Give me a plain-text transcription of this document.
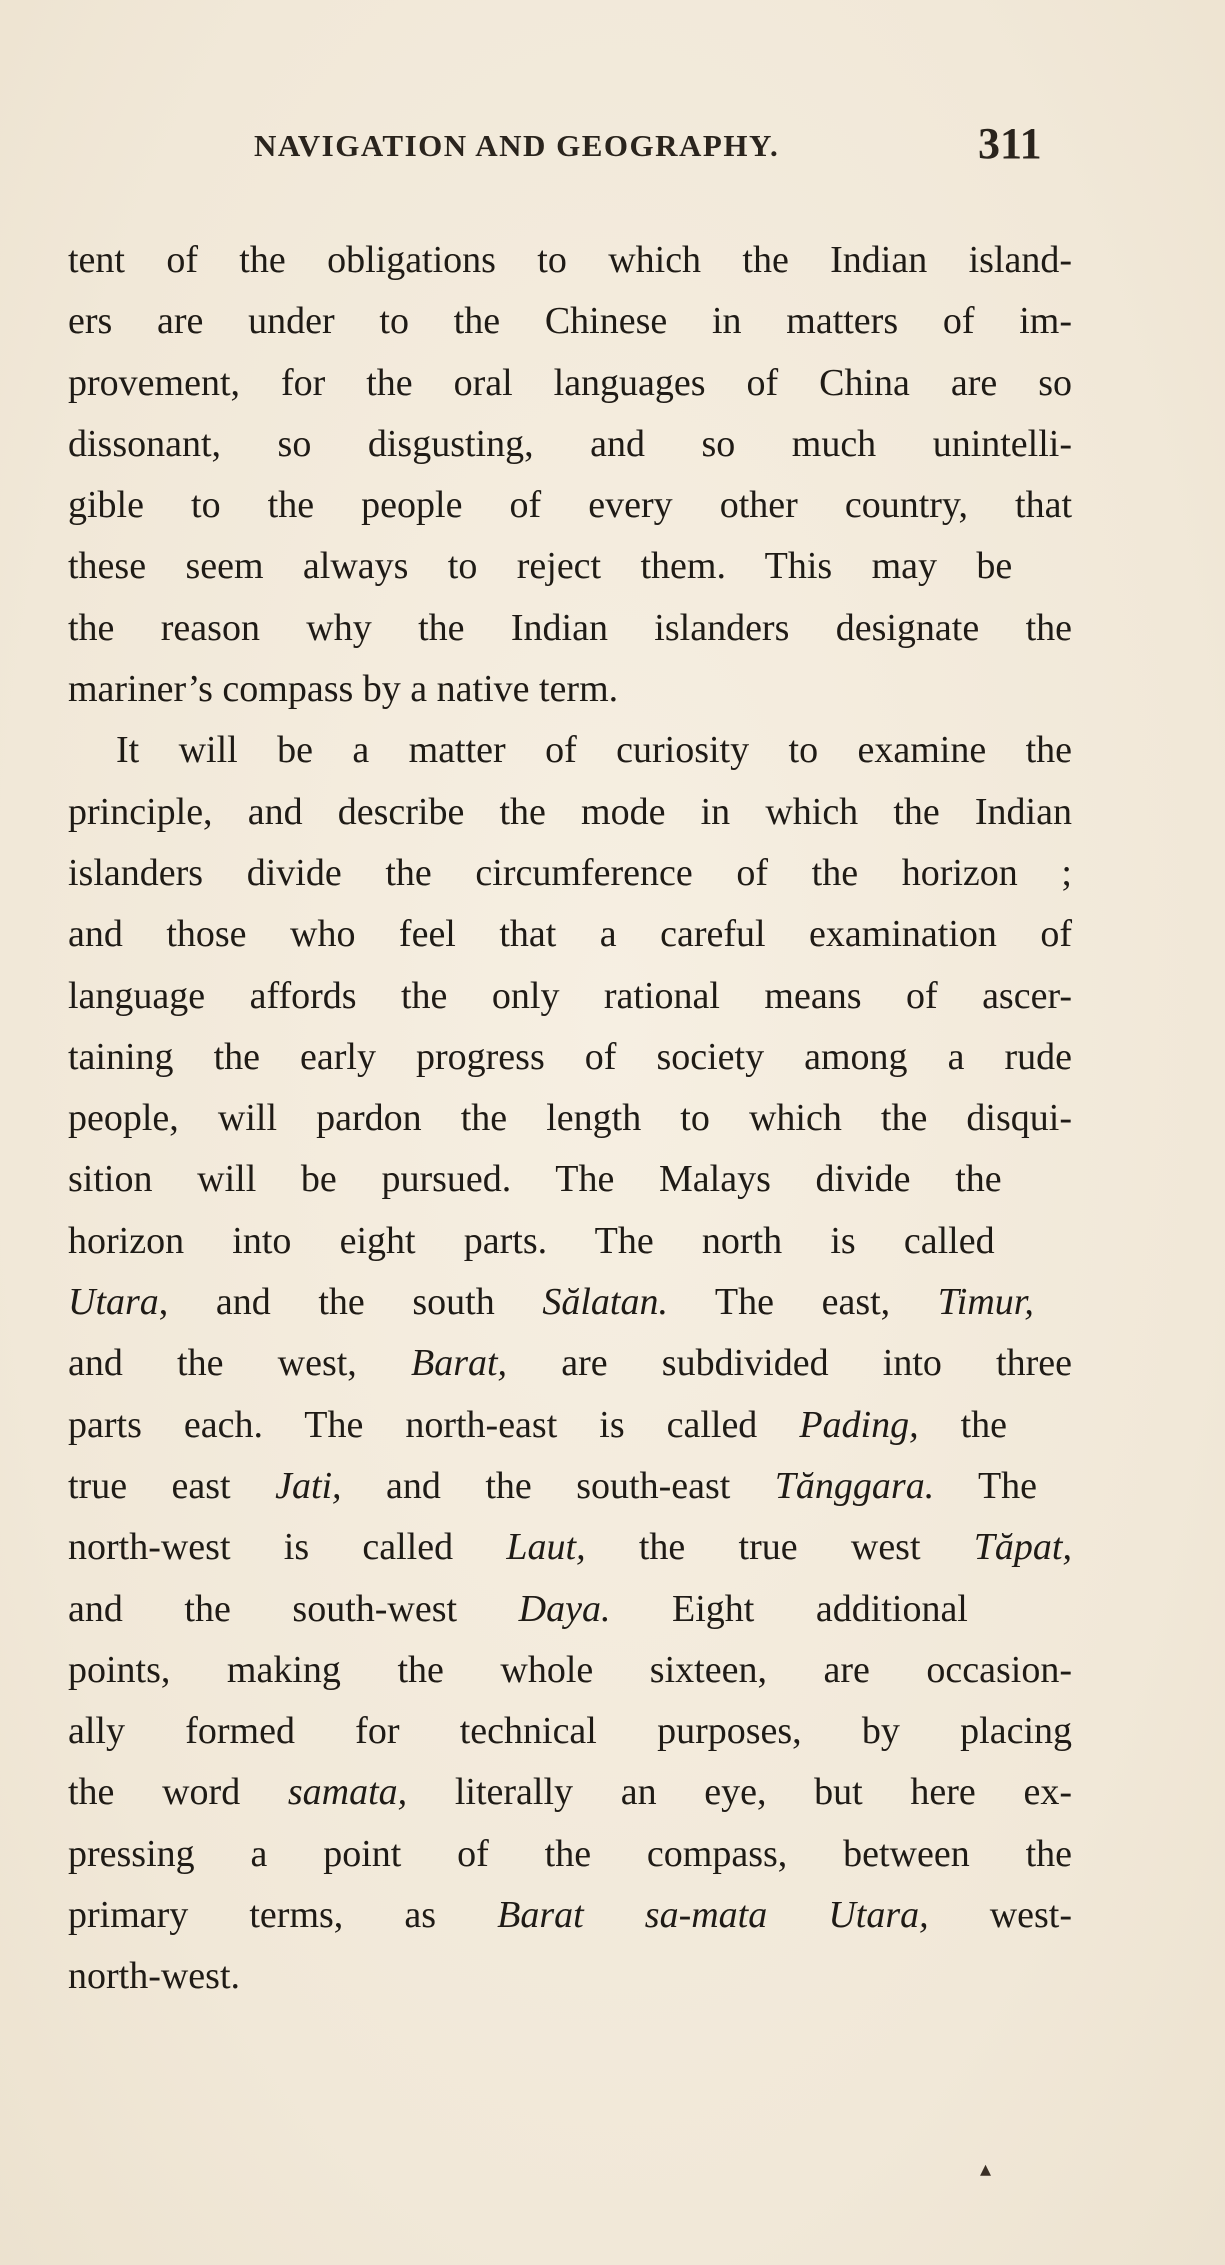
NAVIGATION AND GEOGRAPHY.	311
tent of the obligations to which the Indian island-
ers are under to the Chinese in matters of im-
provement, for the oral languages of China are so
dissonant, so disgusting, and so much unintelli-
gible to the people of every other country, that
these seem always to reject them. This may be
the reason why the Indian islanders designate the
mariner’s compass by a native term.
It will be a matter of curiosity to examine the
principle, and describe the mode in which the Indian
islanders divide the circumference of the horizon ;
and those who feel that a careful examination of
language affords the only rational means of ascer-
taining the early progress of society among a rude
people, will pardon the length to which the disqui-
sition will be pursued. The Malays divide the
horizon into eight parts. The north is called
Utara, and the south Sălatan. The east, Timur,
and the west, Barat, are subdivided into three
parts each. The north-east is called Pading, the
true east Jati, and the south-east Tănggara. The
north-west is called Laut, the true west Tăpat,
and the south-west Daya. Eight additional
points, making the whole sixteen, are occasion-
ally formed for technical purposes, by placing
the word samata, literally an eye, but here ex-
pressing a point of the compass, between the
primary terms, as Barat sa-mata Utara, west-
north-west.
▴
